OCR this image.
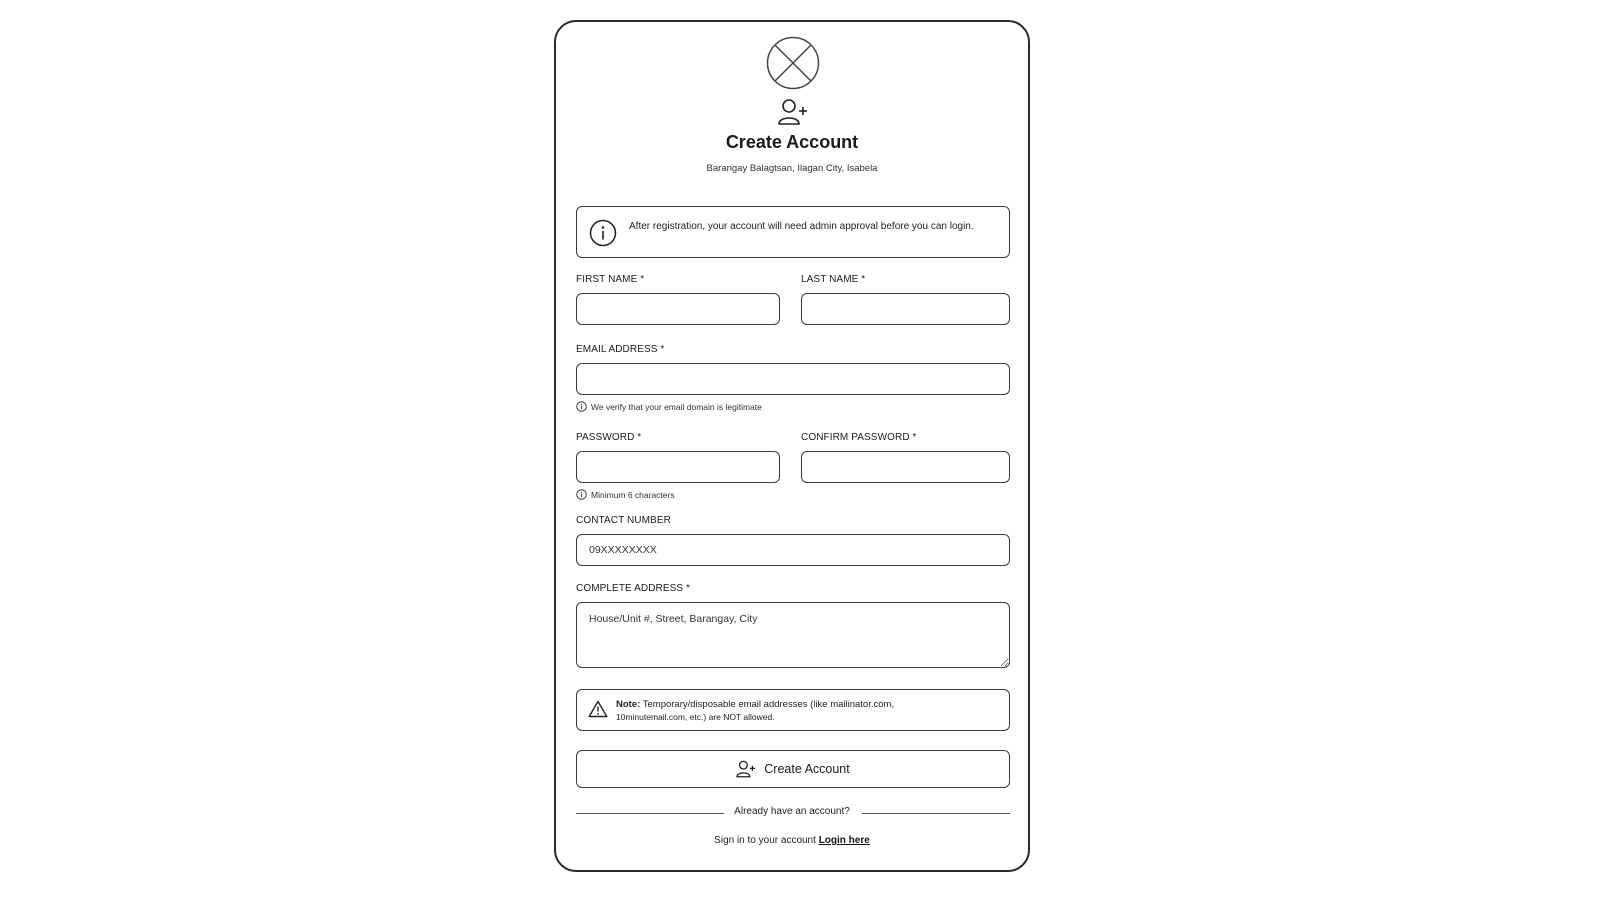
Create Account
Barangay Balagtsan, Ilagan City, Isabela
After registration, your account will need admin approval before you can login.
FIRST NAME *	LAST NAME *
EMAIL ADDRESS *
We verify that your email domain is legitimate
PASSWORD *	CONFIRM PASSWORD *
Minimum 6 characters
CONTACT NUMBER
09XXXXXXXX
COMPLETE ADDRESS *
House/Unit #, Street, Barangay, City
Note: Temporary/disposable email addresses (like mailinator.com,
10minutemail.com, etc.) are NOT allowed.
Create Account
Already have an account?
Sign in to your account Login here
